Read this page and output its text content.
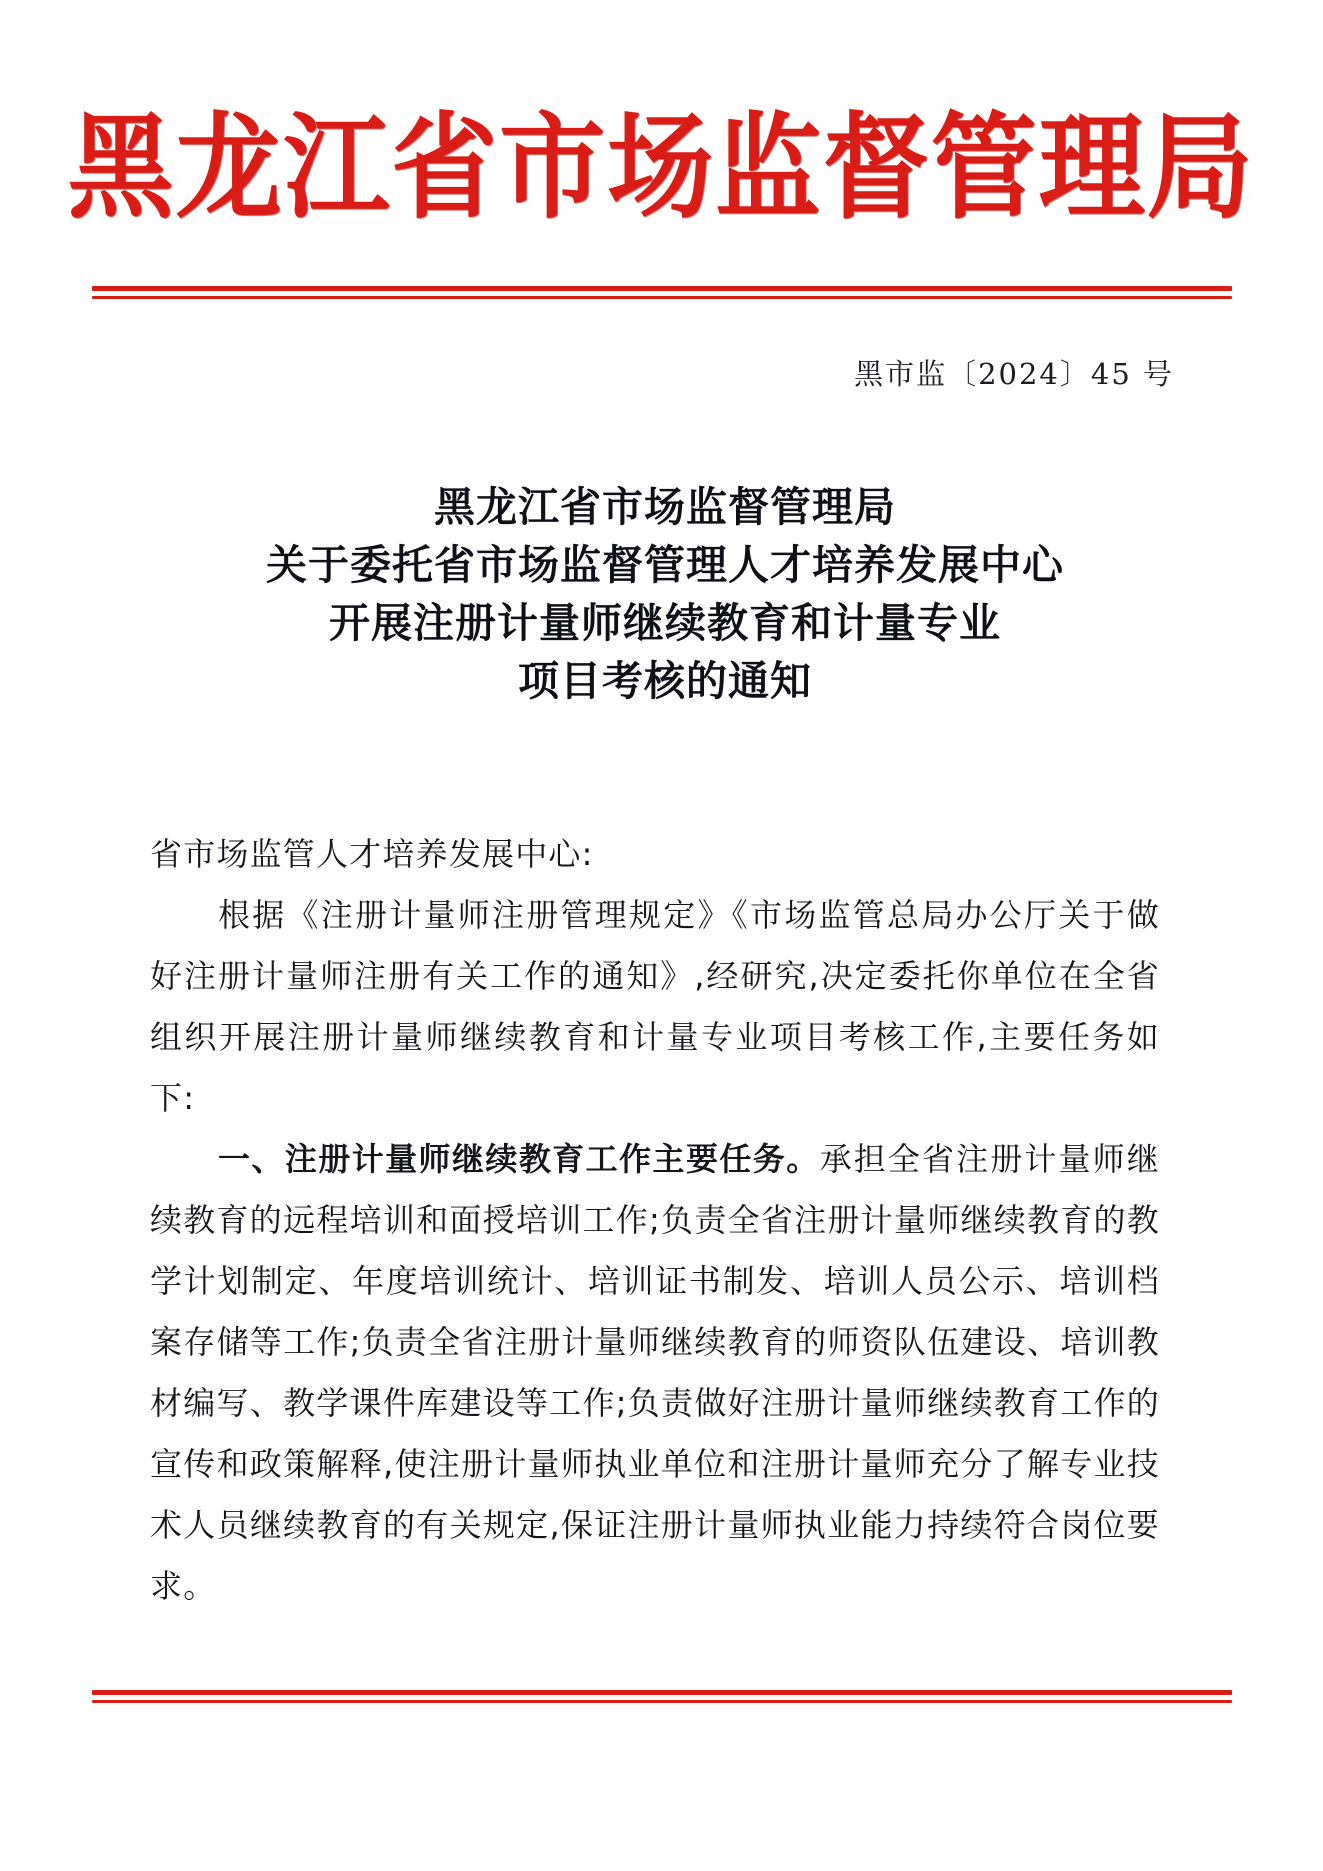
黑龙江省市场监督管理局
黑市监〔2024〕45 号
黑龙江省市场监督管理局
关于委托省市场监督管理人才培养发展中心
开展注册计量师继续教育和计量专业
项目考核的通知

省市场监管人才培养发展中心:

根据《注册计量师注册管理规定》《市场监管总局办公厅关于做好注册计量师注册有关工作的通知》,经研究,决定委托你单位在全省组织开展注册计量师继续教育和计量专业项目考核工作,主要任务如下:

一、注册计量师继续教育工作主要任务。承担全省注册计量师继续教育的远程培训和面授培训工作;负责全省注册计量师继续教育的教学计划制定、年度培训统计、培训证书制发、培训人员公示、培训档案存储等工作;负责全省注册计量师继续教育的师资队伍建设、培训教材编写、教学课件库建设等工作;负责做好注册计量师继续教育工作的宣传和政策解释,使注册计量师执业单位和注册计量师充分了解专业技术人员继续教育的有关规定,保证注册计量师执业能力持续符合岗位要求。
